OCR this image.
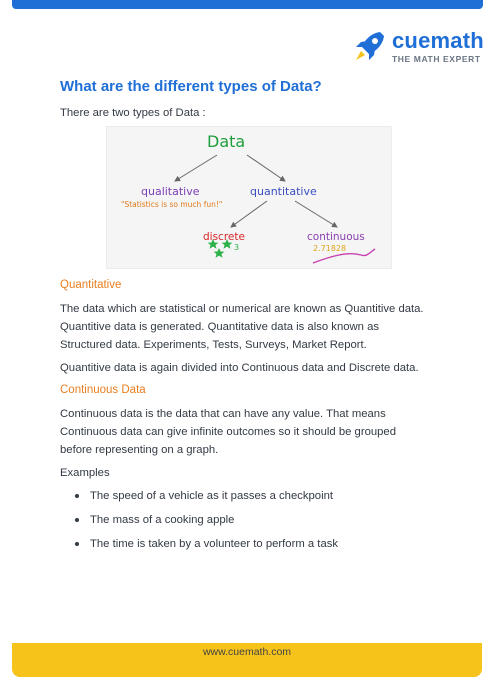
cuemath
THE MATH EXPERT
What are the different types of Data?
There are two types of Data :
Data
qualitative
"Statistics is so much fun!"
quantitative
discrete
3
continuous
2.71828
Quantitative
The data which are statistical or numerical are known as Quantitive data.
Quantitive data is generated. Quantitative data is also known as
Structured data. Experiments, Tests, Surveys, Market Report.
Quantitive data is again divided into Continuous data and Discrete data.
Continuous Data
Continuous data is the data that can have any value. That means
Continuous data can give infinite outcomes so it should be grouped
before representing on a graph.
Examples
The speed of a vehicle as it passes a checkpoint
The mass of a cooking apple
The time is taken by a volunteer to perform a task
www.cuemath.com
